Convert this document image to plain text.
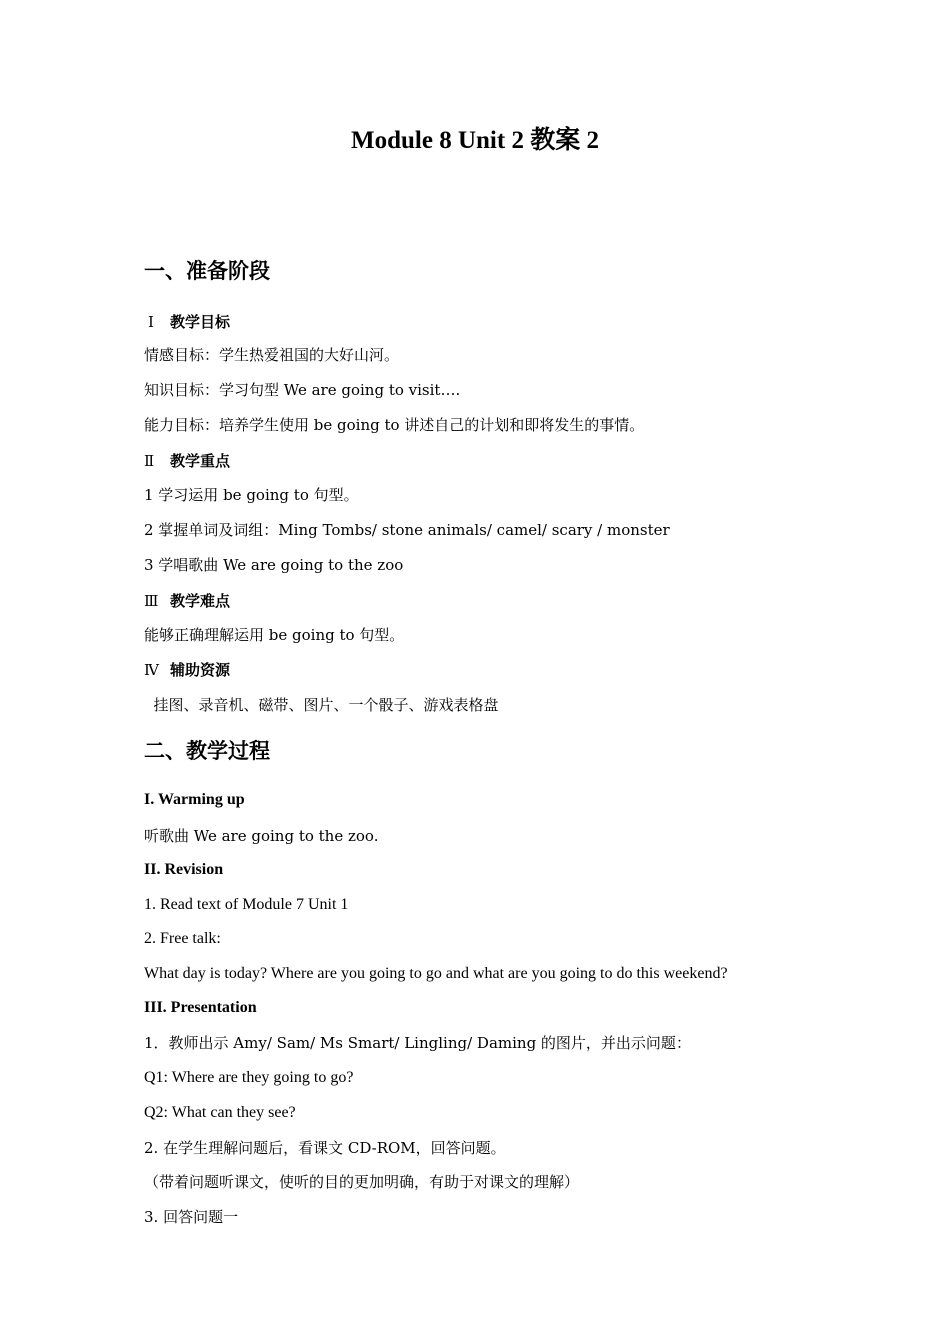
Module 8 Unit 2 教案 2
一、准备阶段
Ⅰ 教学目标
情感目标：学生热爱祖国的大好山河。
知识目标：学习句型 We are going to visit….
能力目标：培养学生使用 be going to 讲述自己的计划和即将发生的事情。
Ⅱ 教学重点
1 学习运用 be going to 句型。
2 掌握单词及词组：Ming Tombs/ stone animals/ camel/ scary / monster
3 学唱歌曲 We are going to the zoo
Ⅲ 教学难点
能够正确理解运用 be going to 句型。
Ⅳ 辅助资源
挂图、录音机、磁带、图片、一个骰子、游戏表格盘
二、教学过程
I. Warming up
听歌曲 We are going to the zoo.
II. Revision
1. Read text of Module 7 Unit 1
2. Free talk:
What day is today? Where are you going to go and what are you going to do this weekend?
III. Presentation
1．教师出示 Amy/ Sam/ Ms Smart/ Lingling/ Daming 的图片，并出示问题：
Q1: Where are they going to go?
Q2: What can they see?
2. 在学生理解问题后，看课文 CD-ROM，回答问题。
（带着问题听课文，使听的目的更加明确，有助于对课文的理解）
3. 回答问题一
